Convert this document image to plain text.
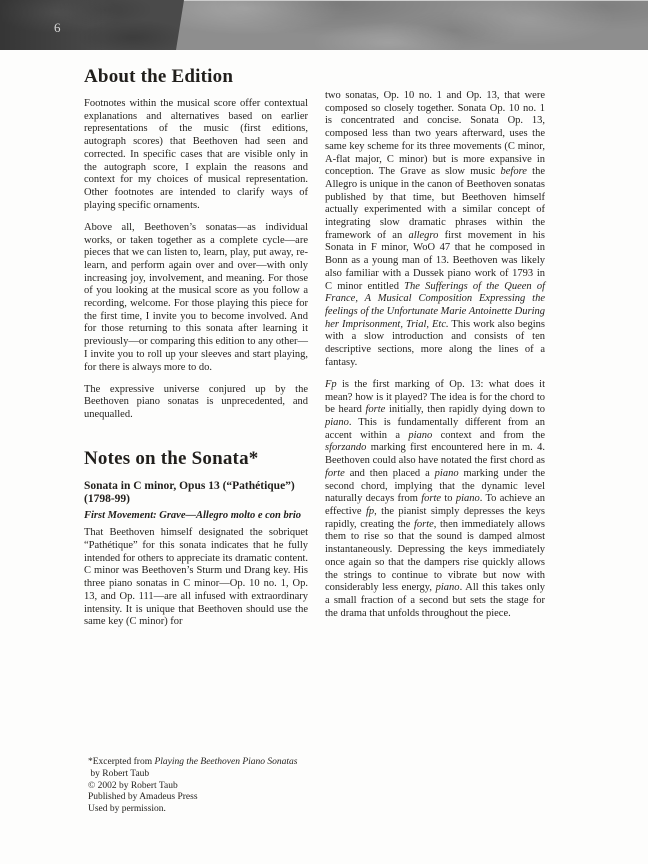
6
About the Edition

Footnotes within the musical score offer contextual explanations and alternatives based on earlier representations of the music (first editions, autograph scores) that Beethoven had seen and corrected. In specific cases that are visible only in the autograph score, I explain the reasons and context for my choices of musical representation. Other footnotes are intended to clarify ways of playing specific ornaments.

Above all, Beethoven’s sonatas—as individual works, or taken together as a complete cycle—are pieces that we can listen to, learn, play, put away, re-learn, and perform again over and over—with only increasing joy, involvement, and meaning. For those of you looking at the musical score as you follow a recording, welcome. For those playing this piece for the first time, I invite you to become involved. And for those returning to this sonata after learning it previously—or comparing this edition to any other—I invite you to roll up your sleeves and start playing, for there is always more to do.

The expressive universe conjured up by the Beethoven piano sonatas is unprecedented, and unequalled.

Notes on the Sonata*
Sonata in C minor, Opus 13 (“Pathétique”)
(1798-99)
First Movement: Grave—Allegro molto e con brio

That Beethoven himself designated the sobriquet “Pathétique” for this sonata indicates that he fully intended for others to appreciate its dramatic content. C minor was Beethoven’s Sturm und Drang key. His three piano sonatas in C minor—Op. 10 no. 1, Op. 13, and Op. 111—are all infused with extraordinary intensity. It is unique that Beethoven should use the same key (C minor) for

two sonatas, Op. 10 no. 1 and Op. 13, that were composed so closely together. Sonata Op. 10 no. 1 is concentrated and concise. Sonata Op. 13, composed less than two years afterward, uses the same key scheme for its three movements (C minor, A-flat major, C minor) but is more expansive in conception. The Grave as slow music before the Allegro is unique in the canon of Beethoven sonatas published by that time, but Beethoven himself actually experimented with a similar concept of integrating slow dramatic phrases within the framework of an allegro first movement in his Sonata in F minor, WoO 47 that he composed in Bonn as a young man of 13. Beethoven was likely also familiar with a Dussek piano work of 1793 in C minor entitled The Sufferings of the Queen of France, A Musical Composition Expressing the feelings of the Unfortunate Marie Antoinette During her Imprisonment, Trial, Etc. This work also begins with a slow introduction and consists of ten descriptive sections, more along the lines of a fantasy.

Fp is the first marking of Op. 13: what does it mean? how is it played? The idea is for the chord to be heard forte initially, then rapidly dying down to piano. This is fundamentally different from an accent within a piano context and from the sforzando marking first encountered here in m. 4. Beethoven could also have notated the first chord as forte and then placed a piano marking under the second chord, implying that the dynamic level naturally decays from forte to piano. To achieve an effective fp, the pianist simply depresses the keys rapidly, creating the forte, then immediately allows them to rise so that the sound is damped almost instantaneously. Depressing the keys immediately once again so that the dampers rise quickly allows the strings to continue to vibrate but now with considerably less energy, piano. All this takes only a small fraction of a second but sets the stage for the drama that unfolds throughout the piece.

*Excerpted from Playing the Beethoven Piano Sonatas
by Robert Taub
© 2002 by Robert Taub
Published by Amadeus Press
Used by permission.
